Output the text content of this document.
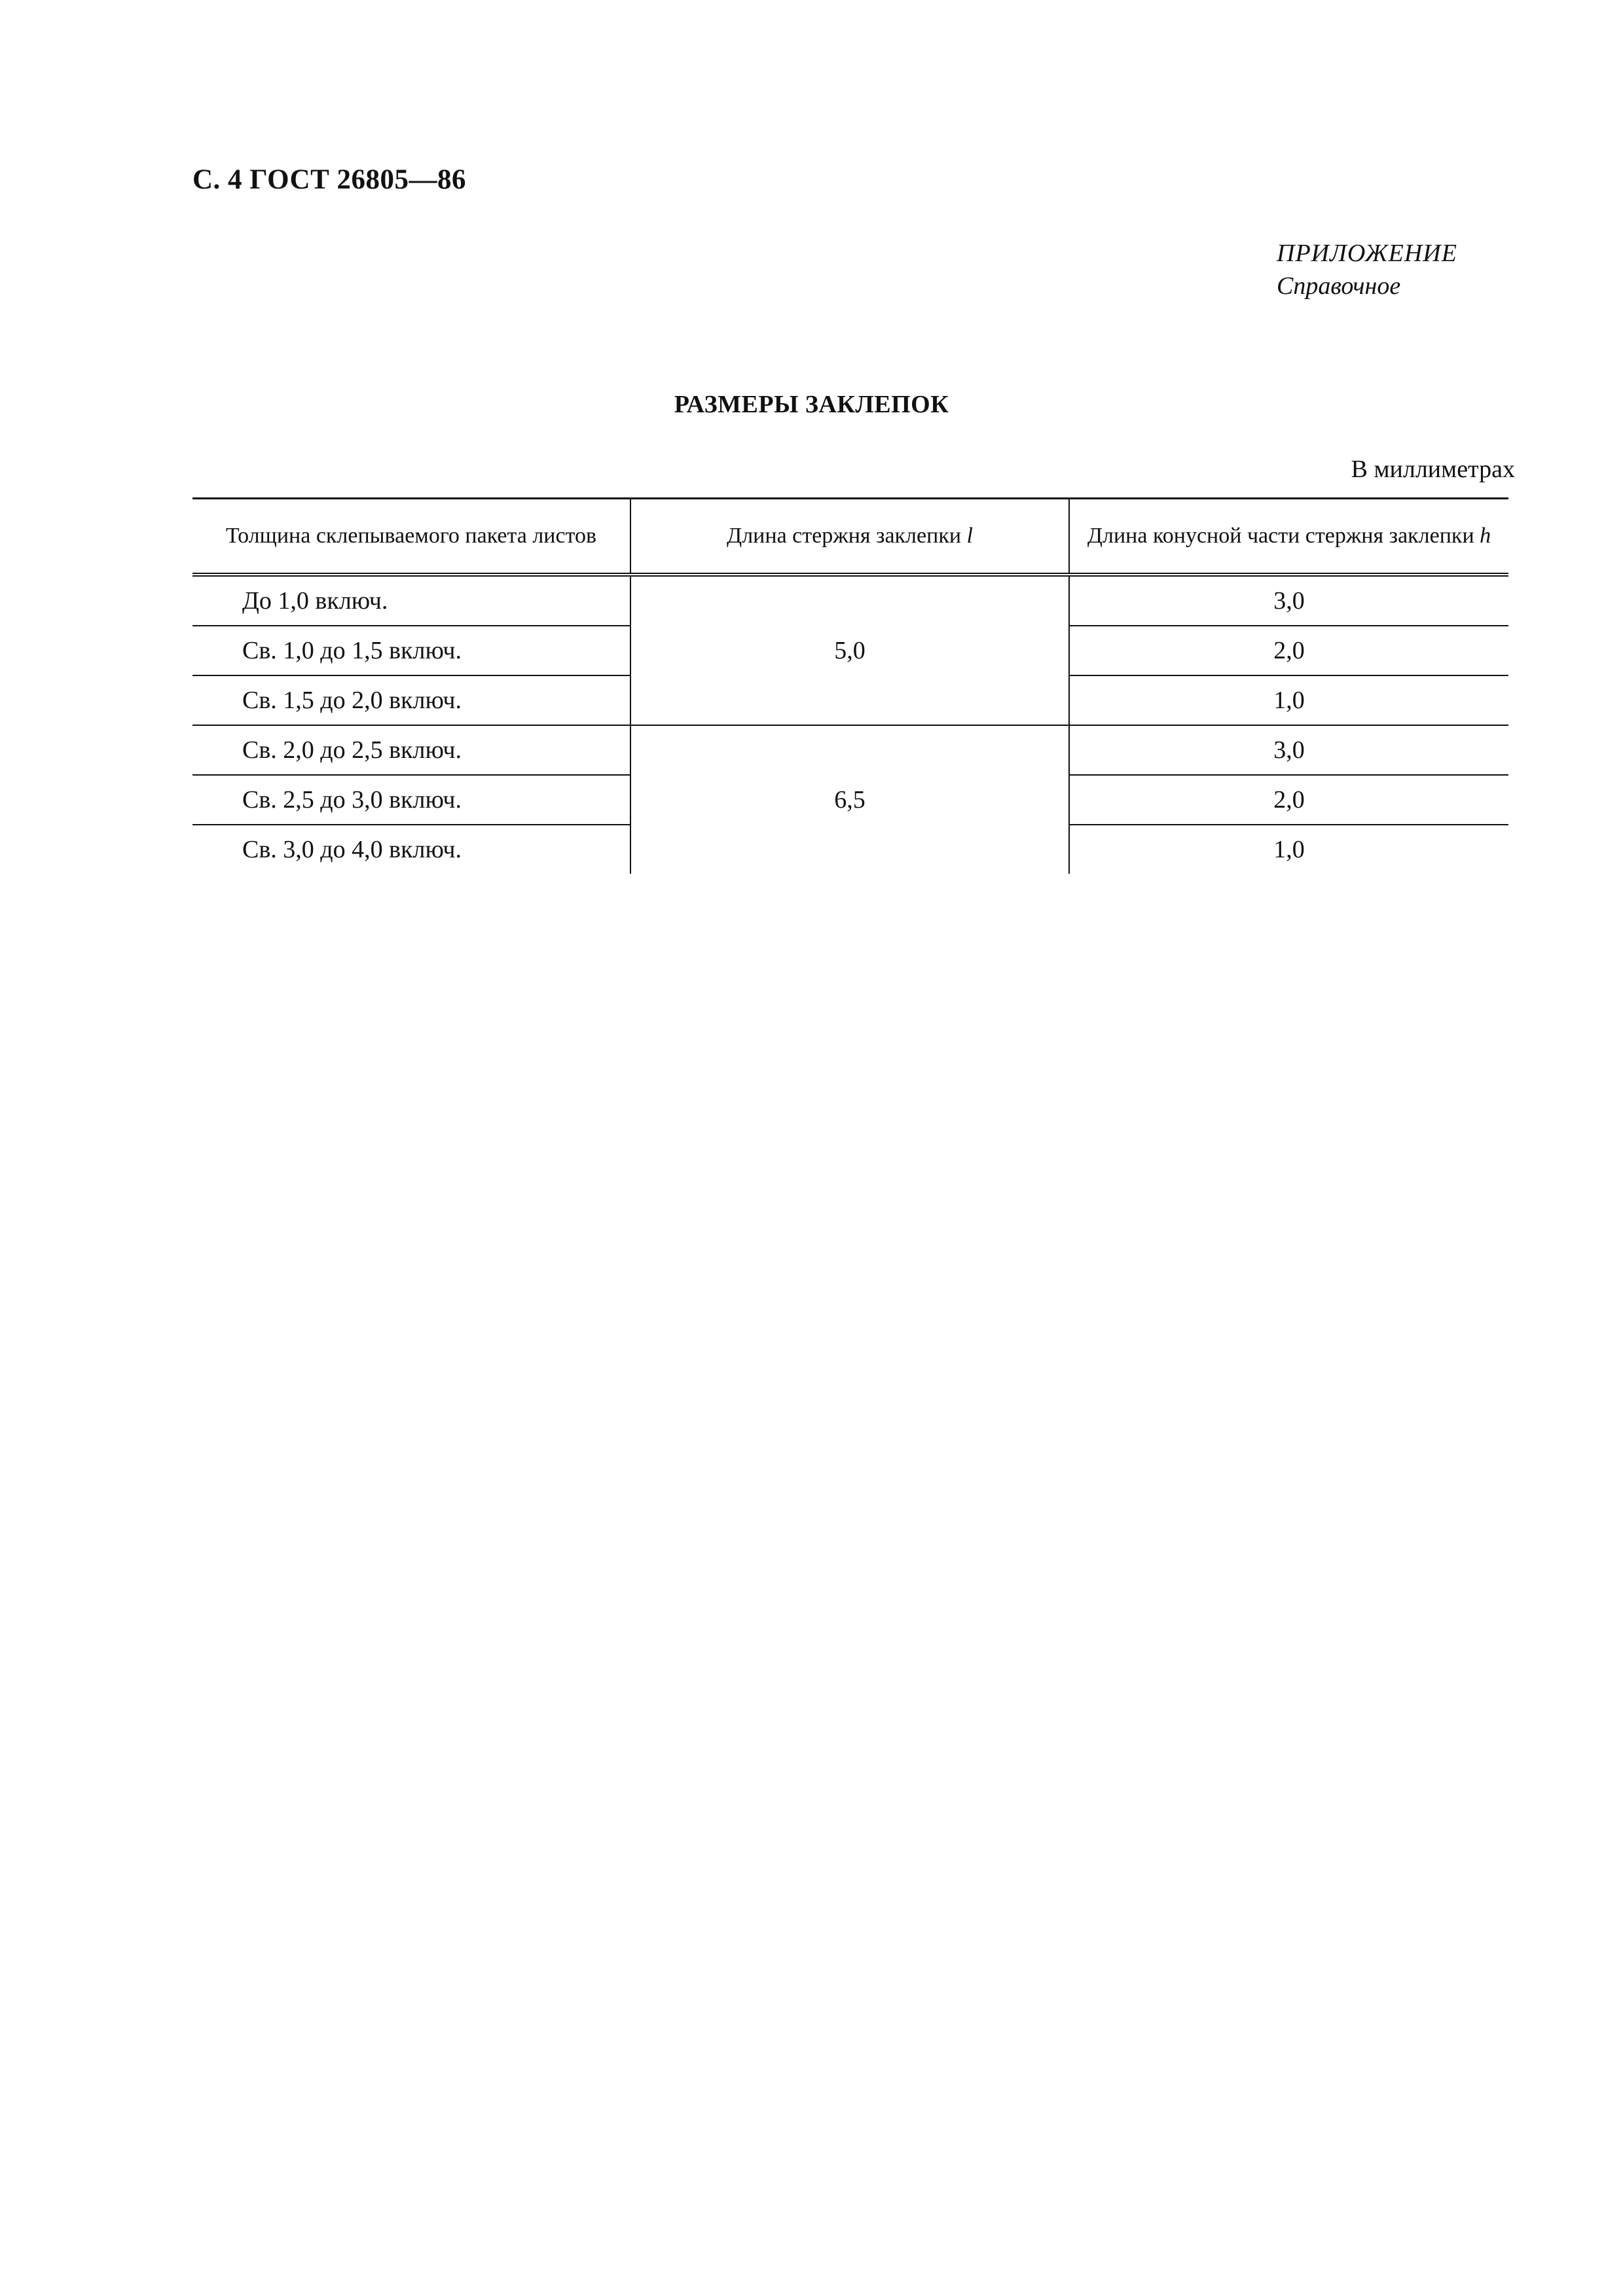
С. 4 ГОСТ 26805—86
ПРИЛОЖЕНИЕ
Справочное
РАЗМЕРЫ ЗАКЛЕПОК
В миллиметрах
Толщина склепываемого пакета листов	Длина стержня заклепки l	Длина конусной части стержня заклепки h
До 1,0 включ.	5,0	3,0
Св. 1,0 до 1,5 включ.		2,0
Св. 1,5 до 2,0 включ.		1,0
Св. 2,0 до 2,5 включ.	6,5	3,0
Св. 2,5 до 3,0 включ.		2,0
Св. 3,0 до 4,0 включ.		1,0
